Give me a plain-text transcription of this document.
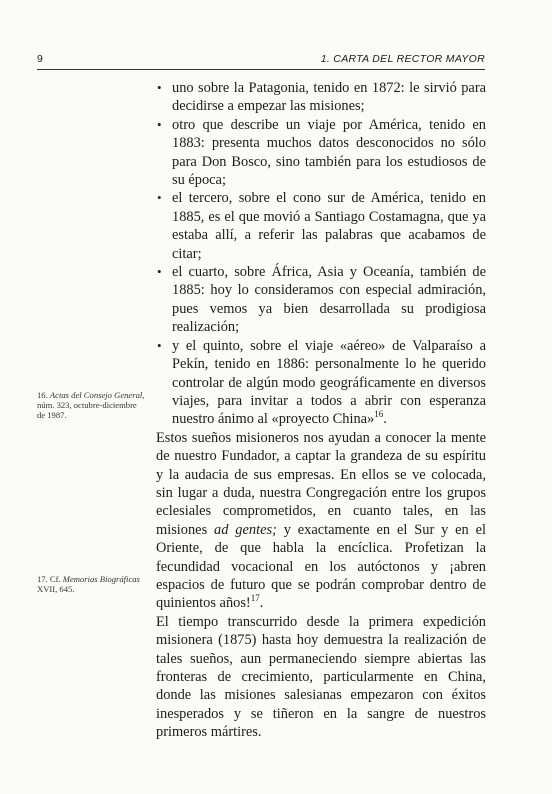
9	1. CARTA DEL RECTOR MAYOR
• uno sobre la Patagonia, tenido en 1872: le sirvió para decidirse a empezar las misiones;
• otro que describe un viaje por América, tenido en 1883: presenta muchos datos desconocidos no sólo para Don Bosco, sino también para los estudiosos de su época;
• el tercero, sobre el cono sur de América, tenido en 1885, es el que movió a Santiago Costamagna, que ya estaba allí, a referir las palabras que acabamos de citar;
• el cuarto, sobre África, Asia y Oceanía, también de 1885: hoy lo consideramos con especial admiración, pues vemos ya bien desarrollada su prodigiosa realización;
• y el quinto, sobre el viaje «aéreo» de Valparaíso a Pekín, tenido en 1886: personalmente lo he querido controlar de algún modo geográficamente en diversos viajes, para invitar a todos a abrir con esperanza nuestro ánimo al «proyecto China»$^{16}$.

Estos sueños misioneros nos ayudan a conocer la mente de nuestro Fundador, a captar la grandeza de su espíritu y la audacia de sus empresas. En ellos se ve colocada, sin lugar a duda, nuestra Congregación entre los grupos eclesiales comprometidos, en cuanto tales, en las misiones ad gentes; y exactamente en el Sur y en el Oriente, de que habla la encíclica. Profetizan la fecundidad vocacional en los autóctonos y ¡abren espacios de futuro que se podrán comprobar dentro de quinientos años!$^{17}$.

El tiempo transcurrido desde la primera expedición misionera (1875) hasta hoy demuestra la realización de tales sueños, aun permaneciendo siempre abiertas las fronteras de crecimiento, particularmente en China, donde las misiones salesianas empezaron con éxitos inesperados y se tiñeron en la sangre de nuestros primeros mártires.

16. Actas del Consejo General, núm. 323, octubre-diciembre de 1987.
17. Cf. Memorias Biográficas XVII, 645.
